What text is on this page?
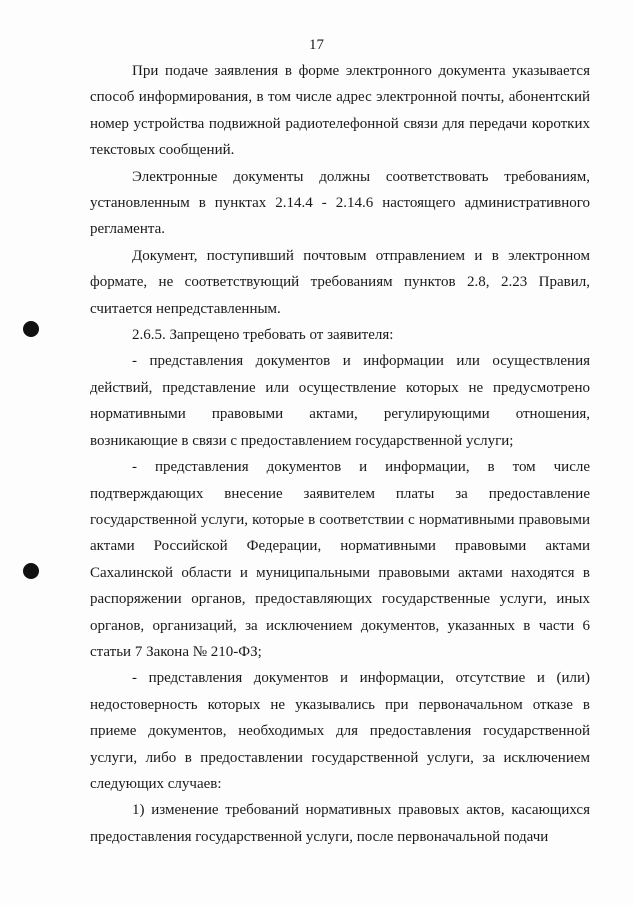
17

При подаче заявления в форме электронного документа указывается способ информирования, в том числе адрес электронной почты, абонентский номер устройства подвижной радиотелефонной связи для передачи коротких текстовых сообщений.

Электронные документы должны соответствовать требованиям, установленным в пунктах 2.14.4 - 2.14.6 настоящего административного регламента.

Документ, поступивший почтовым отправлением и в электронном формате, не соответствующий требованиям пунктов 2.8, 2.23 Правил, считается непредставленным.

2.6.5. Запрещено требовать от заявителя:

- представления документов и информации или осуществления действий, представление или осуществление которых не предусмотрено нормативными правовыми актами, регулирующими отношения, возникающие в связи с предоставлением государственной услуги;

- представления документов и информации, в том числе подтверждающих внесение заявителем платы за предоставление государственной услуги, которые в соответствии с нормативными правовыми актами Российской Федерации, нормативными правовыми актами Сахалинской области и муниципальными правовыми актами находятся в распоряжении органов, предоставляющих государственные услуги, иных органов, организаций, за исключением документов, указанных в части 6 статьи 7 Закона № 210-ФЗ;

- представления документов и информации, отсутствие и (или) недостоверность которых не указывались при первоначальном отказе в приеме документов, необходимых для предоставления государственной услуги, либо в предоставлении государственной услуги, за исключением следующих случаев:

1) изменение требований нормативных правовых актов, касающихся предоставления государственной услуги, после первоначальной подачи
